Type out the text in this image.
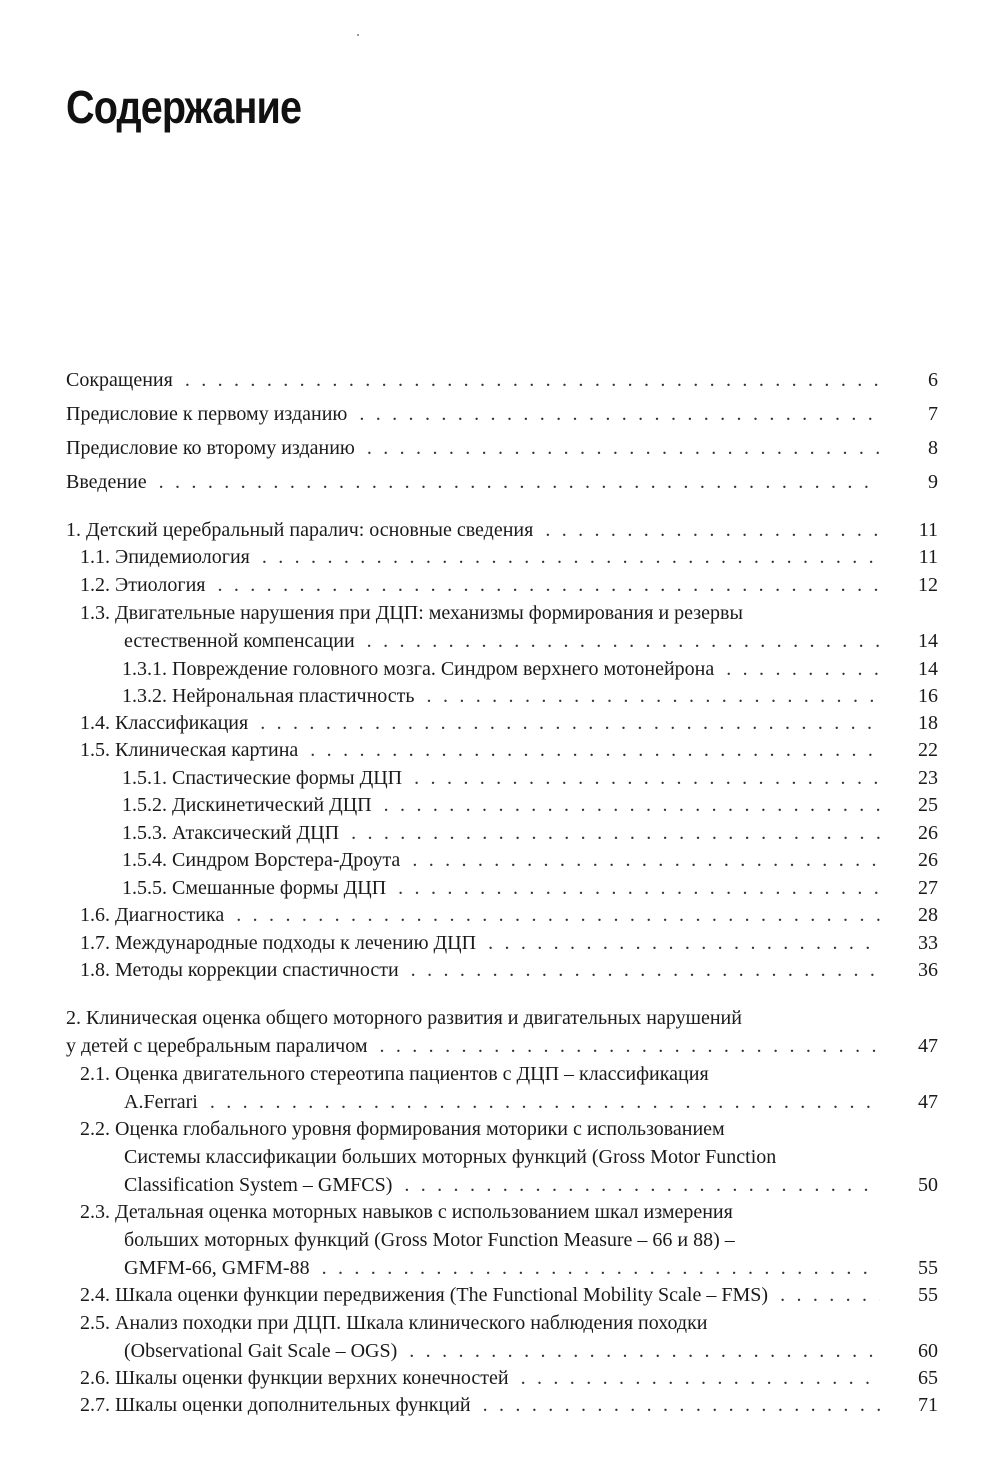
Содержание
Сокращения . . .	6
Предисловие к первому изданию . . .	7
Предисловие ко второму изданию . . .	8
Введение . . .	9
1. Детский церебральный паралич: основные сведения . . .	11
1.1. Эпидемиология . . .	11
1.2. Этиология . . .	12
1.3. Двигательные нарушения при ДЦП: механизмы формирования и резервы
естественной компенсации . . .	14
1.3.1. Повреждение головного мозга. Синдром верхнего мотонейрона . . .	14
1.3.2. Нейрональная пластичность . . .	16
1.4. Классификация . . .	18
1.5. Клиническая картина . . .	22
1.5.1. Спастические формы ДЦП . . .	23
1.5.2. Дискинетический ДЦП . . .	25
1.5.3. Атаксический ДЦП . . .	26
1.5.4. Синдром Ворстера-Дроута . . .	26
1.5.5. Смешанные формы ДЦП . . .	27
1.6. Диагностика . . .	28
1.7. Международные подходы к лечению ДЦП . . .	33
1.8. Методы коррекции спастичности . . .	36
2. Клиническая оценка общего моторного развития и двигательных нарушений
у детей с церебральным параличом . . .	47
2.1. Оценка двигательного стереотипа пациентов с ДЦП – классификация
A.Ferrari . . .	47
2.2. Оценка глобального уровня формирования моторики с использованием
Системы классификации больших моторных функций (Gross Motor Function
Classification System – GMFCS) . . .	50
2.3. Детальная оценка моторных навыков с использованием шкал измерения
больших моторных функций (Gross Motor Function Measure – 66 и 88) –
GMFM-66, GMFM-88 . . .	55
2.4. Шкала оценки функции передвижения (The Functional Mobility Scale – FMS) . . .	55
2.5. Анализ походки при ДЦП. Шкала клинического наблюдения походки
(Observational Gait Scale – OGS) . . .	60
2.6. Шкалы оценки функции верхних конечностей . . .	65
2.7. Шкалы оценки дополнительных функций . . .	71
